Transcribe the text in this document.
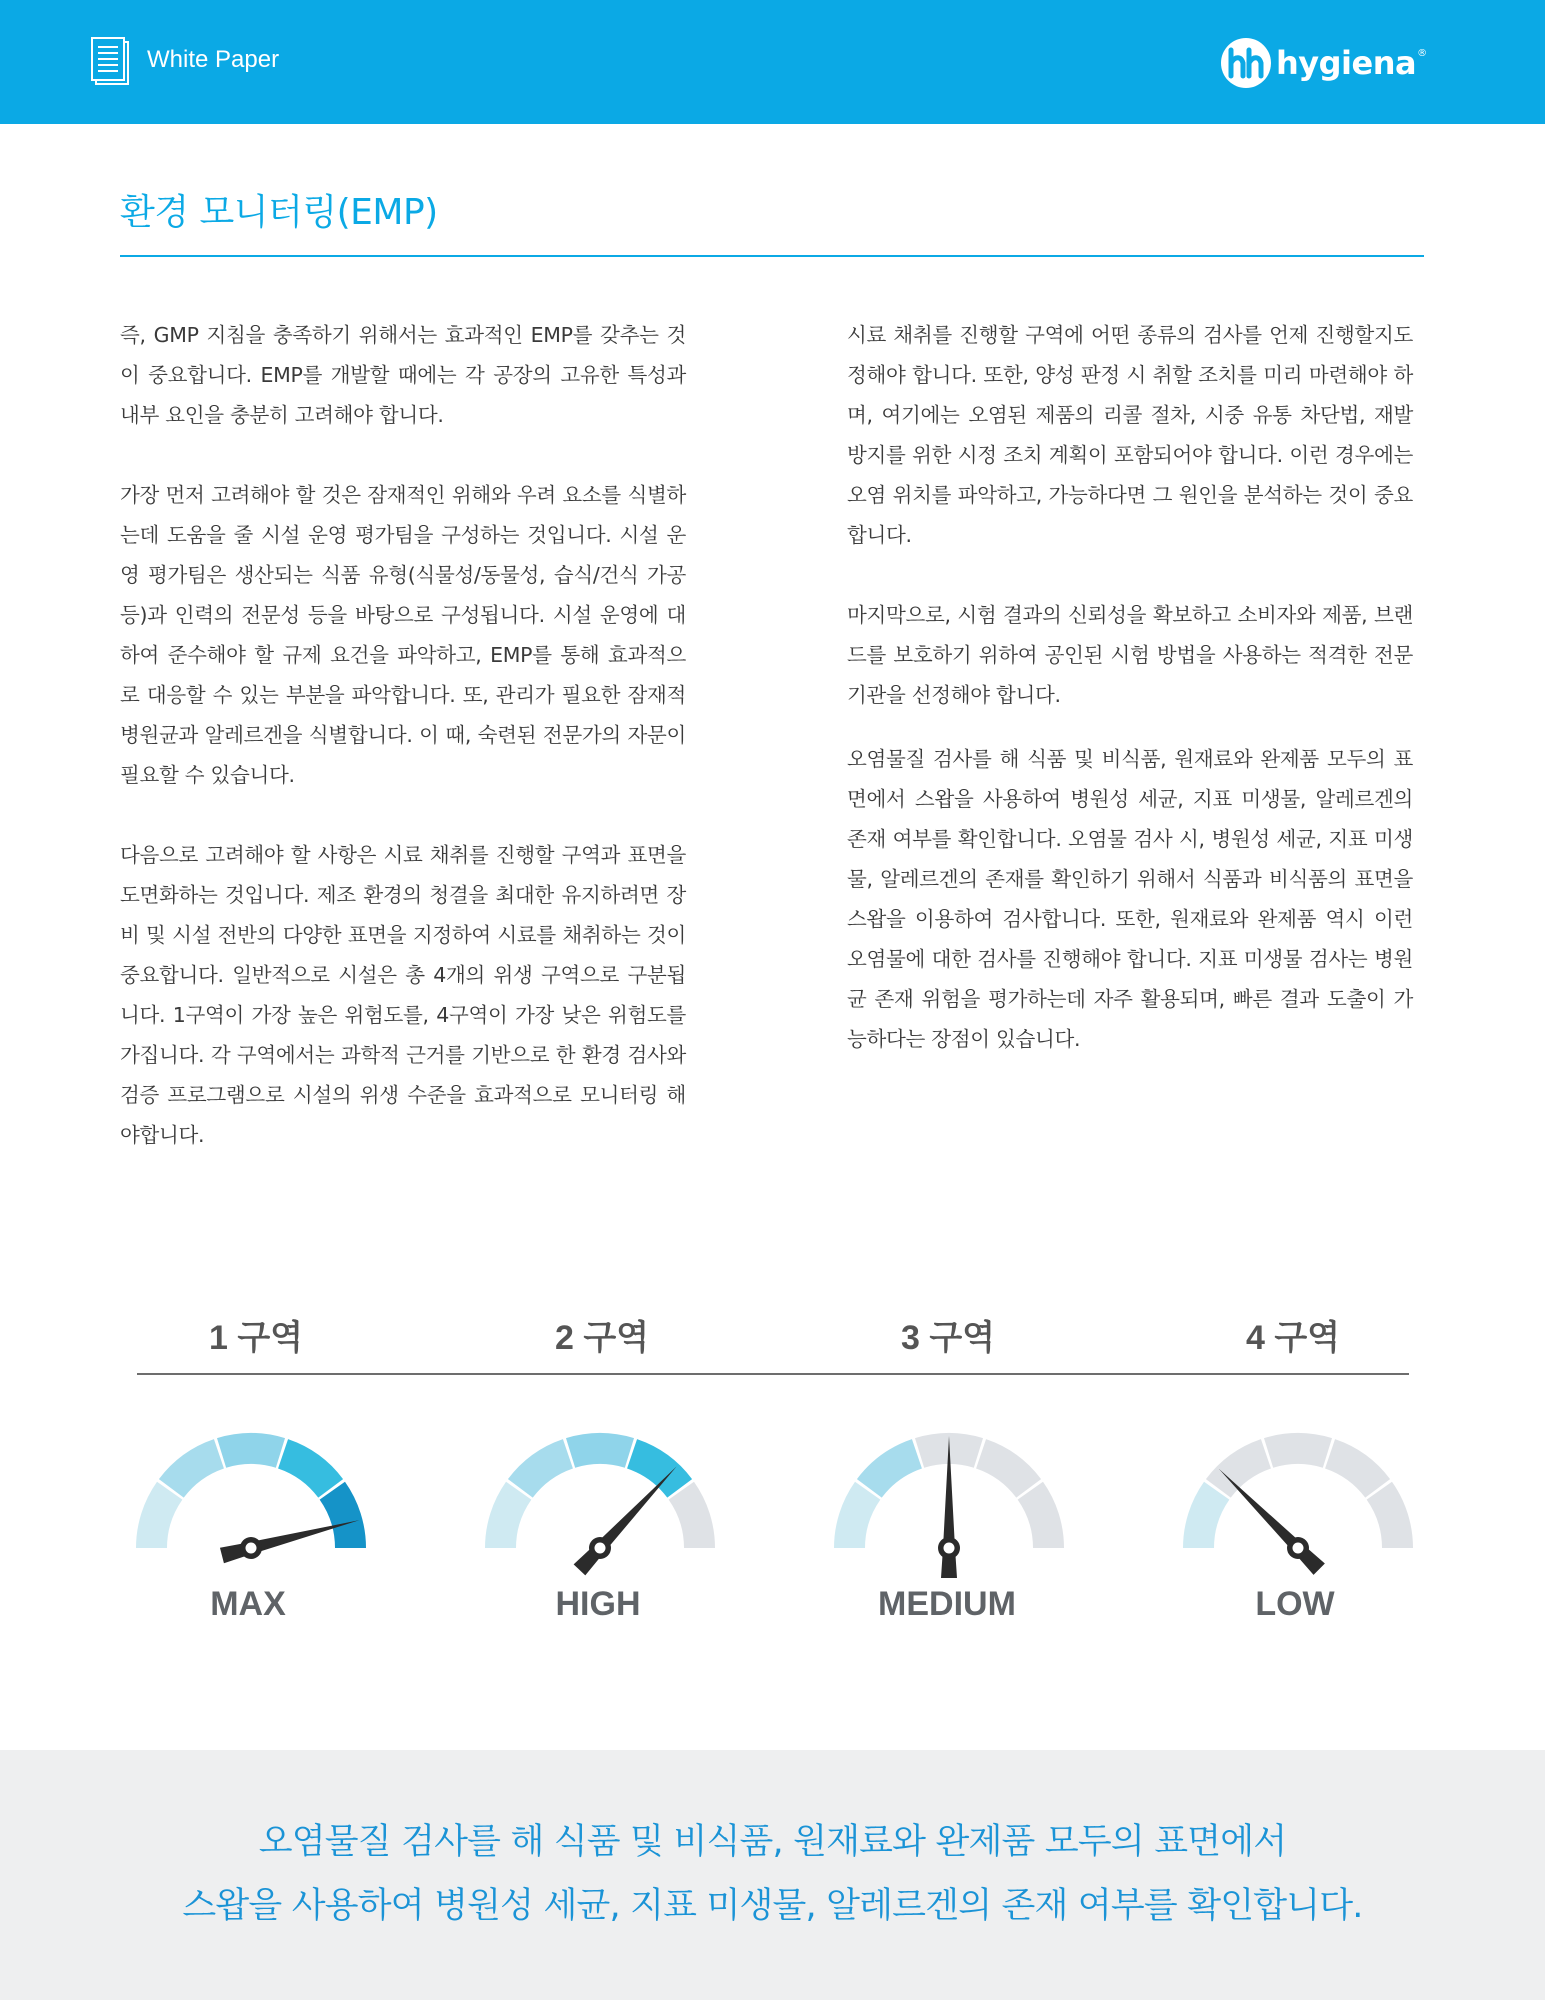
White Paper	hygiena ®
환경 모니터링(EMP)

즉, GMP 지침을 충족하기 위해서는 효과적인 EMP를 갖추는 것이 중요합니다. EMP를 개발할 때에는 각 공장의 고유한 특성과 내부 요인을 충분히 고려해야 합니다.

가장 먼저 고려해야 할 것은 잠재적인 위해와 우려 요소를 식별하는데 도움을 줄 시설 운영 평가팀을 구성하는 것입니다. 시설 운영 평가팀은 생산되는 식품 유형(식물성/동물성, 습식/건식 가공 등)과 인력의 전문성 등을 바탕으로 구성됩니다. 시설 운영에 대하여 준수해야 할 규제 요건을 파악하고, EMP를 통해 효과적으로 대응할 수 있는 부분을 파악합니다. 또, 관리가 필요한 잠재적 병원균과 알레르겐을 식별합니다. 이 때, 숙련된 전문가의 자문이 필요할 수 있습니다.

다음으로 고려해야 할 사항은 시료 채취를 진행할 구역과 표면을 도면화하는 것입니다. 제조 환경의 청결을 최대한 유지하려면 장비 및 시설 전반의 다양한 표면을 지정하여 시료를 채취하는 것이 중요합니다. 일반적으로 시설은 총 4개의 위생 구역으로 구분됩니다. 1구역이 가장 높은 위험도를, 4구역이 가장 낮은 위험도를 가집니다. 각 구역에서는 과학적 근거를 기반으로 한 환경 검사와 검증 프로그램으로 시설의 위생 수준을 효과적으로 모니터링 해야합니다.

시료 채취를 진행할 구역에 어떤 종류의 검사를 언제 진행할지도 정해야 합니다. 또한, 양성 판정 시 취할 조치를 미리 마련해야 하며, 여기에는 오염된 제품의 리콜 절차, 시중 유통 차단법, 재발 방지를 위한 시정 조치 계획이 포함되어야 합니다. 이런 경우에는 오염 위치를 파악하고, 가능하다면 그 원인을 분석하는 것이 중요합니다.

마지막으로, 시험 결과의 신뢰성을 확보하고 소비자와 제품, 브랜드를 보호하기 위하여 공인된 시험 방법을 사용하는 적격한 전문 기관을 선정해야 합니다.

오염물질 검사를 해 식품 및 비식품, 원재료와 완제품 모두의 표면에서 스왑을 사용하여 병원성 세균, 지표 미생물, 알레르겐의 존재 여부를 확인합니다. 오염물 검사 시, 병원성 세균, 지표 미생물, 알레르겐의 존재를 확인하기 위해서 식품과 비식품의 표면을 스왑을 이용하여 검사합니다. 또한, 원재료와 완제품 역시 이런 오염물에 대한 검사를 진행해야 합니다. 지표 미생물 검사는 병원균 존재 위험을 평가하는데 자주 활용되며, 빠른 결과 도출이 가능하다는 장점이 있습니다.

1 구역	2 구역	3 구역	4 구역
MAX	HIGH	MEDIUM	LOW
오염물질 검사를 해 식품 및 비식품, 원재료와 완제품 모두의 표면에서
스왑을 사용하여 병원성 세균, 지표 미생물, 알레르겐의 존재 여부를 확인합니다.
